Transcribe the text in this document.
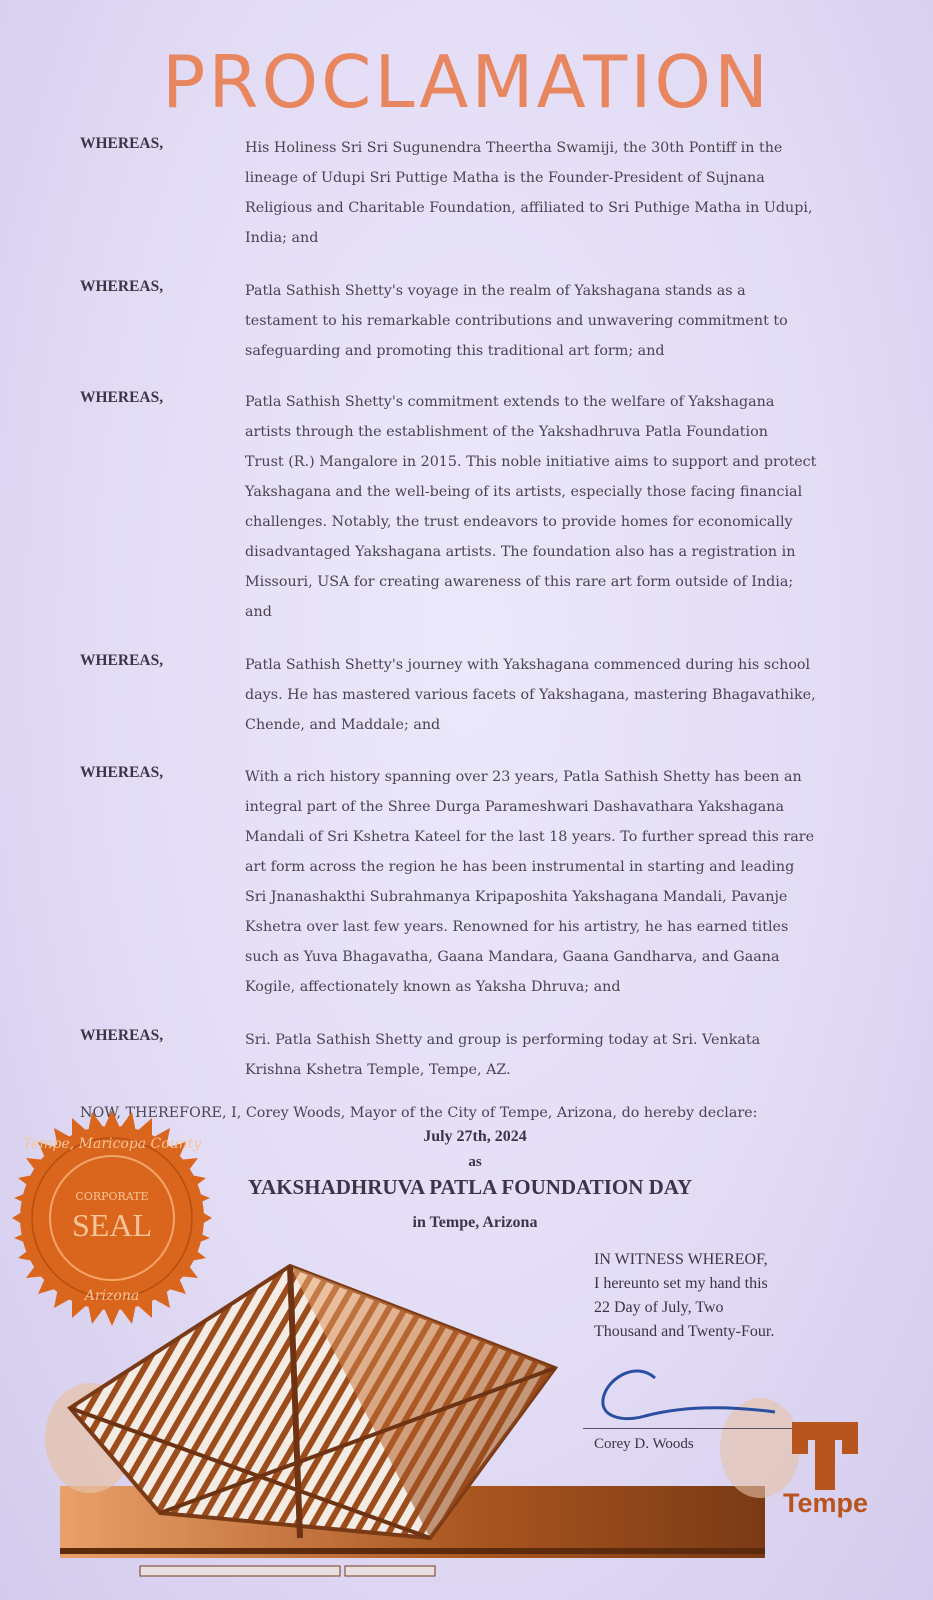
PROCLAMATION
WHEREAS,	His Holiness Sri Sri Sugunendra Theertha Swamiji, the 30th Pontiff in the
lineage of Udupi Sri Puttige Matha is the Founder-President of Sujnana
Religious and Charitable Foundation, affiliated to Sri Puthige Matha in Udupi,
India; and
WHEREAS,	Patla Sathish Shetty's voyage in the realm of Yakshagana stands as a
testament to his remarkable contributions and unwavering commitment to
safeguarding and promoting this traditional art form; and
WHEREAS,	Patla Sathish Shetty's commitment extends to the welfare of Yakshagana
artists through the establishment of the Yakshadhruva Patla Foundation
Trust (R.) Mangalore in 2015. This noble initiative aims to support and protect
Yakshagana and the well-being of its artists, especially those facing financial
challenges. Notably, the trust endeavors to provide homes for economically
disadvantaged Yakshagana artists. The foundation also has a registration in
Missouri, USA for creating awareness of this rare art form outside of India;
and
WHEREAS,	Patla Sathish Shetty's journey with Yakshagana commenced during his school
days. He has mastered various facets of Yakshagana, mastering Bhagavathike,
Chende, and Maddale; and
WHEREAS,	With a rich history spanning over 23 years, Patla Sathish Shetty has been an
integral part of the Shree Durga Parameshwari Dashavathara Yakshagana
Mandali of Sri Kshetra Kateel for the last 18 years. To further spread this rare
art form across the region he has been instrumental in starting and leading
Sri Jnanashakthi Subrahmanya Kripaposhita Yakshagana Mandali, Pavanje
Kshetra over last few years. Renowned for his artistry, he has earned titles
such as Yuva Bhagavatha, Gaana Mandara, Gaana Gandharva, and Gaana
Kogile, affectionately known as Yaksha Dhruva; and
WHEREAS,	Sri. Patla Sathish Shetty and group is performing today at Sri. Venkata
Krishna Kshetra Temple, Tempe, AZ.
NOW, THEREFORE, I, Corey Woods, Mayor of the City of Tempe, Arizona, do hereby declare:
CORPORATE
SEAL
Tempe, Maricopa County
Arizona
July 27th, 2024
as
YAKSHADHRUVA PATLA FOUNDATION DAY
in Tempe, Arizona
IN WITNESS WHEREOF,
I hereunto set my hand this
22 Day of July, Two
Thousand and Twenty-Four.
Corey D. Woods
Tempe
